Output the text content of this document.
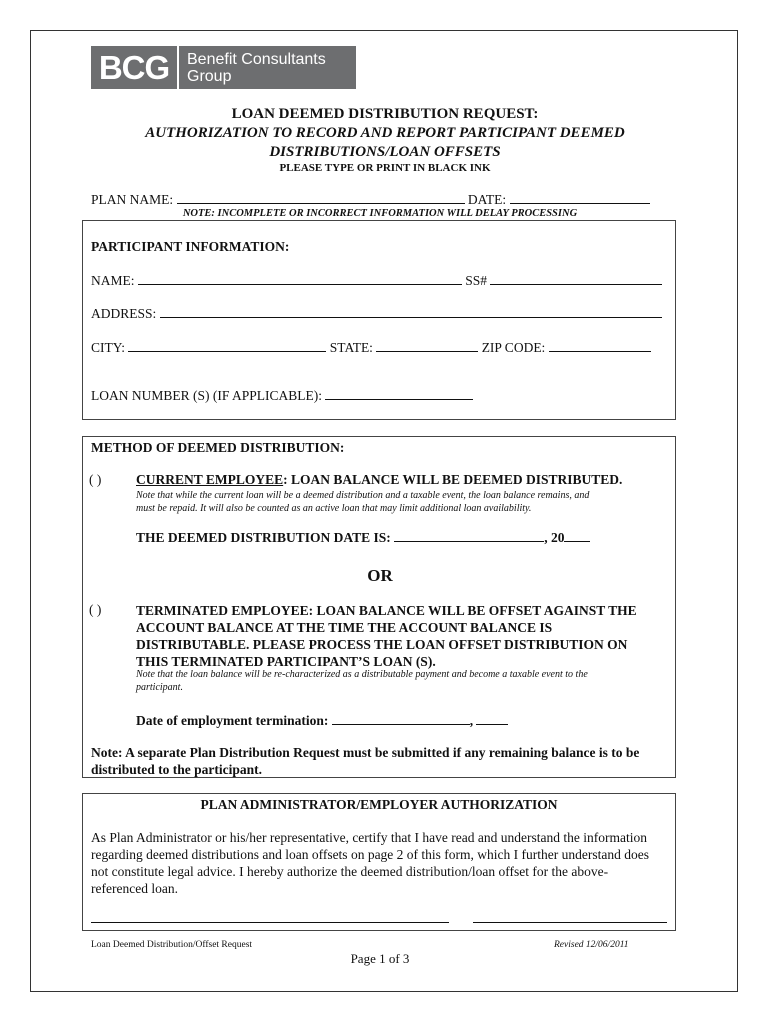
BCG	Benefit Consultants
Group
LOAN DEEMED DISTRIBUTION REQUEST:
AUTHORIZATION TO RECORD AND REPORT PARTICIPANT DEEMED
DISTRIBUTIONS/LOAN OFFSETS
PLEASE TYPE OR PRINT IN BLACK INK
PLAN NAME:	DATE:
NOTE: INCOMPLETE OR INCORRECT INFORMATION WILL DELAY PROCESSING
PARTICIPANT INFORMATION:
NAME:	SS#
ADDRESS:
CITY:	STATE:	ZIP CODE:
LOAN NUMBER (S) (IF APPLICABLE):
METHOD OF DEEMED DISTRIBUTION:
( )	CURRENT EMPLOYEE: LOAN BALANCE WILL BE DEEMED DISTRIBUTED.
Note that while the current loan will be a deemed distribution and a taxable event, the loan balance remains, and
must be repaid. It will also be counted as an active loan that may limit additional loan availability.
THE DEEMED DISTRIBUTION DATE IS:	, 20
OR
( )	TERMINATED EMPLOYEE: LOAN BALANCE WILL BE OFFSET AGAINST THE
ACCOUNT BALANCE AT THE TIME THE ACCOUNT BALANCE IS
DISTRIBUTABLE. PLEASE PROCESS THE LOAN OFFSET DISTRIBUTION ON
THIS TERMINATED PARTICIPANT’S LOAN (S).
Note that the loan balance will be re-characterized as a distributable payment and become a taxable event to the
participant.
Date of employment termination:	,
Note: A separate Plan Distribution Request must be submitted if any remaining balance is to be
distributed to the participant.
PLAN ADMINISTRATOR/EMPLOYER AUTHORIZATION
As Plan Administrator or his/her representative, certify that I have read and understand the information
regarding deemed distributions and loan offsets on page 2 of this form, which I further understand does
not constitute legal advice. I hereby authorize the deemed distribution/loan offset for the above-
referenced loan.
Loan Deemed Distribution/Offset Request	Revised 12/06/2011
Page 1 of 3
